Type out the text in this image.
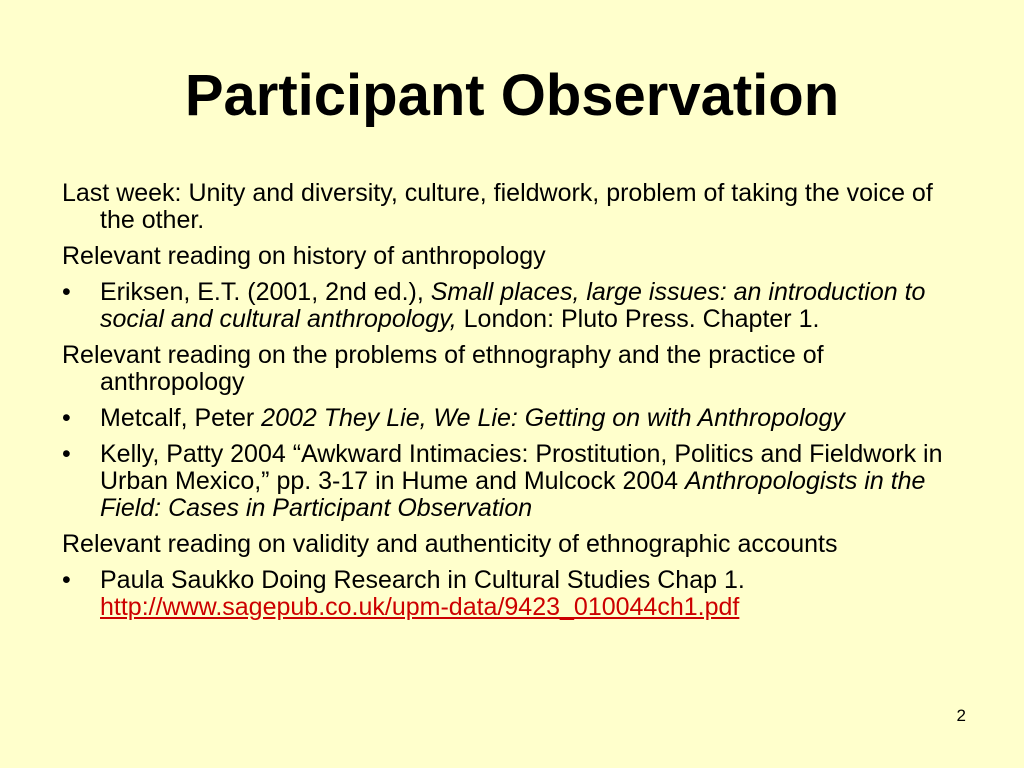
Participant Observation

Last week: Unity and diversity, culture, fieldwork, problem of taking the voice of the other.

Relevant reading on history of anthropology

•	Eriksen, E.T. (2001, 2nd ed.), Small places, large issues: an introduction to social and cultural anthropology, London: Pluto Press. Chapter 1.

Relevant reading on the problems of ethnography and the practice of anthropology

•	Metcalf, Peter 2002 They Lie, We Lie: Getting on with Anthropology
•	Kelly, Patty 2004 “Awkward Intimacies: Prostitution, Politics and Fieldwork in Urban Mexico,” pp. 3-17 in Hume and Mulcock 2004 Anthropologists in the Field: Cases in Participant Observation

Relevant reading on validity and authenticity of ethnographic accounts

•	Paula Saukko Doing Research in Cultural Studies Chap 1. http://www.sagepub.co.uk/upm-data/9423_010044ch1.pdf
2
